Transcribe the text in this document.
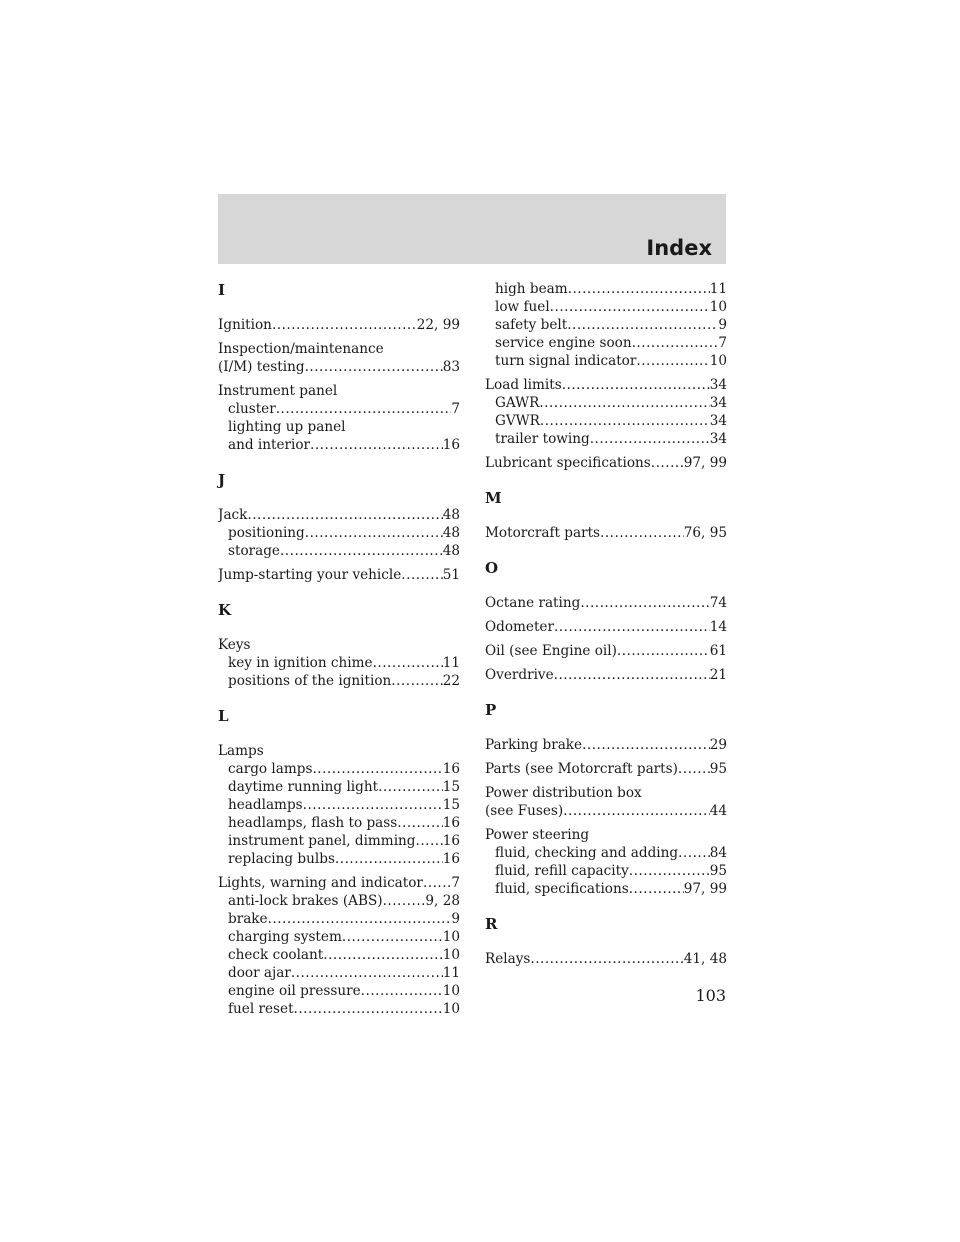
Index
I
Ignition .....	22, 99
Inspection/maintenance
(I/M) testing .....	83
Instrument panel
cluster .....	7
lighting up panel
and interior .....	16
J
Jack .....	48
positioning .....	48
storage .....	48
Jump-starting your vehicle .....	51
K
Keys
key in ignition chime .....	11
positions of the ignition .....	22
L
Lamps
cargo lamps .....	16
daytime running light .....	15
headlamps .....	15
headlamps, flash to pass .....	16
instrument panel, dimming ..... 16
replacing bulbs .....	16
Lights, warning and indicator ..... 7
anti-lock brakes (ABS) .....	9, 28
brake .....	9
charging system .....	10
check coolant .....	10
door ajar .....	11
engine oil pressure .....	10
fuel reset .....	10
high beam .....	11
low fuel .....	10
safety belt .....	9
service engine soon .....	7
turn signal indicator .....	10
Load limits .....	34
GAWR .....	34
GVWR .....	34
trailer towing .....	34
Lubricant specifications ..... 97, 99
M
Motorcraft parts .....	76, 95
O
Octane rating .....	74
Odometer .....	14
Oil (see Engine oil) .....	61
Overdrive .....	21
P
Parking brake .....	29
Parts (see Motorcraft parts) ..... 95
Power distribution box
(see Fuses) .....	44
Power steering
fluid, checking and adding ..... 84
fluid, refill capacity .....	95
fluid, specifications .....	97, 99
R
Relays .....	41, 48
103
